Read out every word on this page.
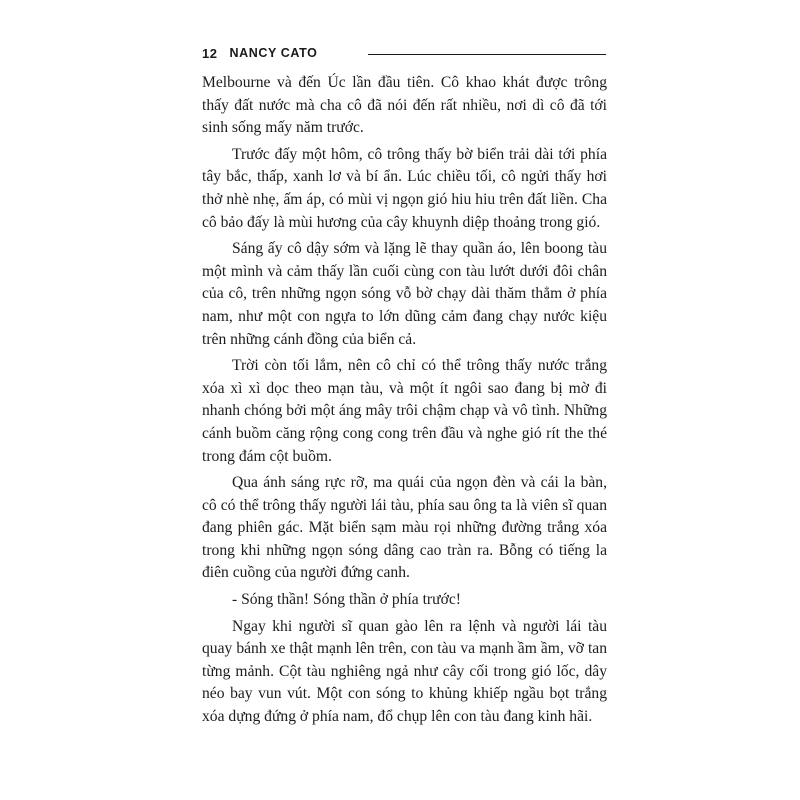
12 NANCY CATO

Melbourne và đến Úc lần đầu tiên. Cô khao khát được trông thấy đất nước mà cha cô đã nói đến rất nhiều, nơi dì cô đã tới sinh sống mấy năm trước.

Trước đấy một hôm, cô trông thấy bờ biển trải dài tới phía tây bắc, thấp, xanh lơ và bí ẩn. Lúc chiều tối, cô ngửi thấy hơi thở nhè nhẹ, ấm áp, có mùi vị ngọn gió hiu hiu trên đất liền. Cha cô bảo đấy là mùi hương của cây khuynh diệp thoảng trong gió.

Sáng ấy cô dậy sớm và lặng lẽ thay quần áo, lên boong tàu một mình và cảm thấy lần cuối cùng con tàu lướt dưới đôi chân của cô, trên những ngọn sóng vỗ bờ chạy dài thăm thẳm ở phía nam, như một con ngựa to lớn dũng cảm đang chạy nước kiệu trên những cánh đồng của biển cả.

Trời còn tối lắm, nên cô chỉ có thể trông thấy nước trắng xóa xì xì dọc theo mạn tàu, và một ít ngôi sao đang bị mờ đi nhanh chóng bởi một áng mây trôi chậm chạp và vô tình. Những cánh buồm căng rộng cong cong trên đầu và nghe gió rít the thé trong đám cột buồm.

Qua ánh sáng rực rỡ, ma quái của ngọn đèn và cái la bàn, cô có thể trông thấy người lái tàu, phía sau ông ta là viên sĩ quan đang phiên gác. Mặt biển sạm màu rọi những đường trắng xóa trong khi những ngọn sóng dâng cao tràn ra. Bỗng có tiếng la điên cuồng của người đứng canh.

- Sóng thần! Sóng thần ở phía trước!

Ngay khi người sĩ quan gào lên ra lệnh và người lái tàu quay bánh xe thật mạnh lên trên, con tàu va mạnh ầm ầm, vỡ tan từng mảnh. Cột tàu nghiêng ngả như cây cối trong gió lốc, dây néo bay vun vút. Một con sóng to khủng khiếp ngầu bọt trắng xóa dựng đứng ở phía nam, đổ chụp lên con tàu đang kinh hãi.
